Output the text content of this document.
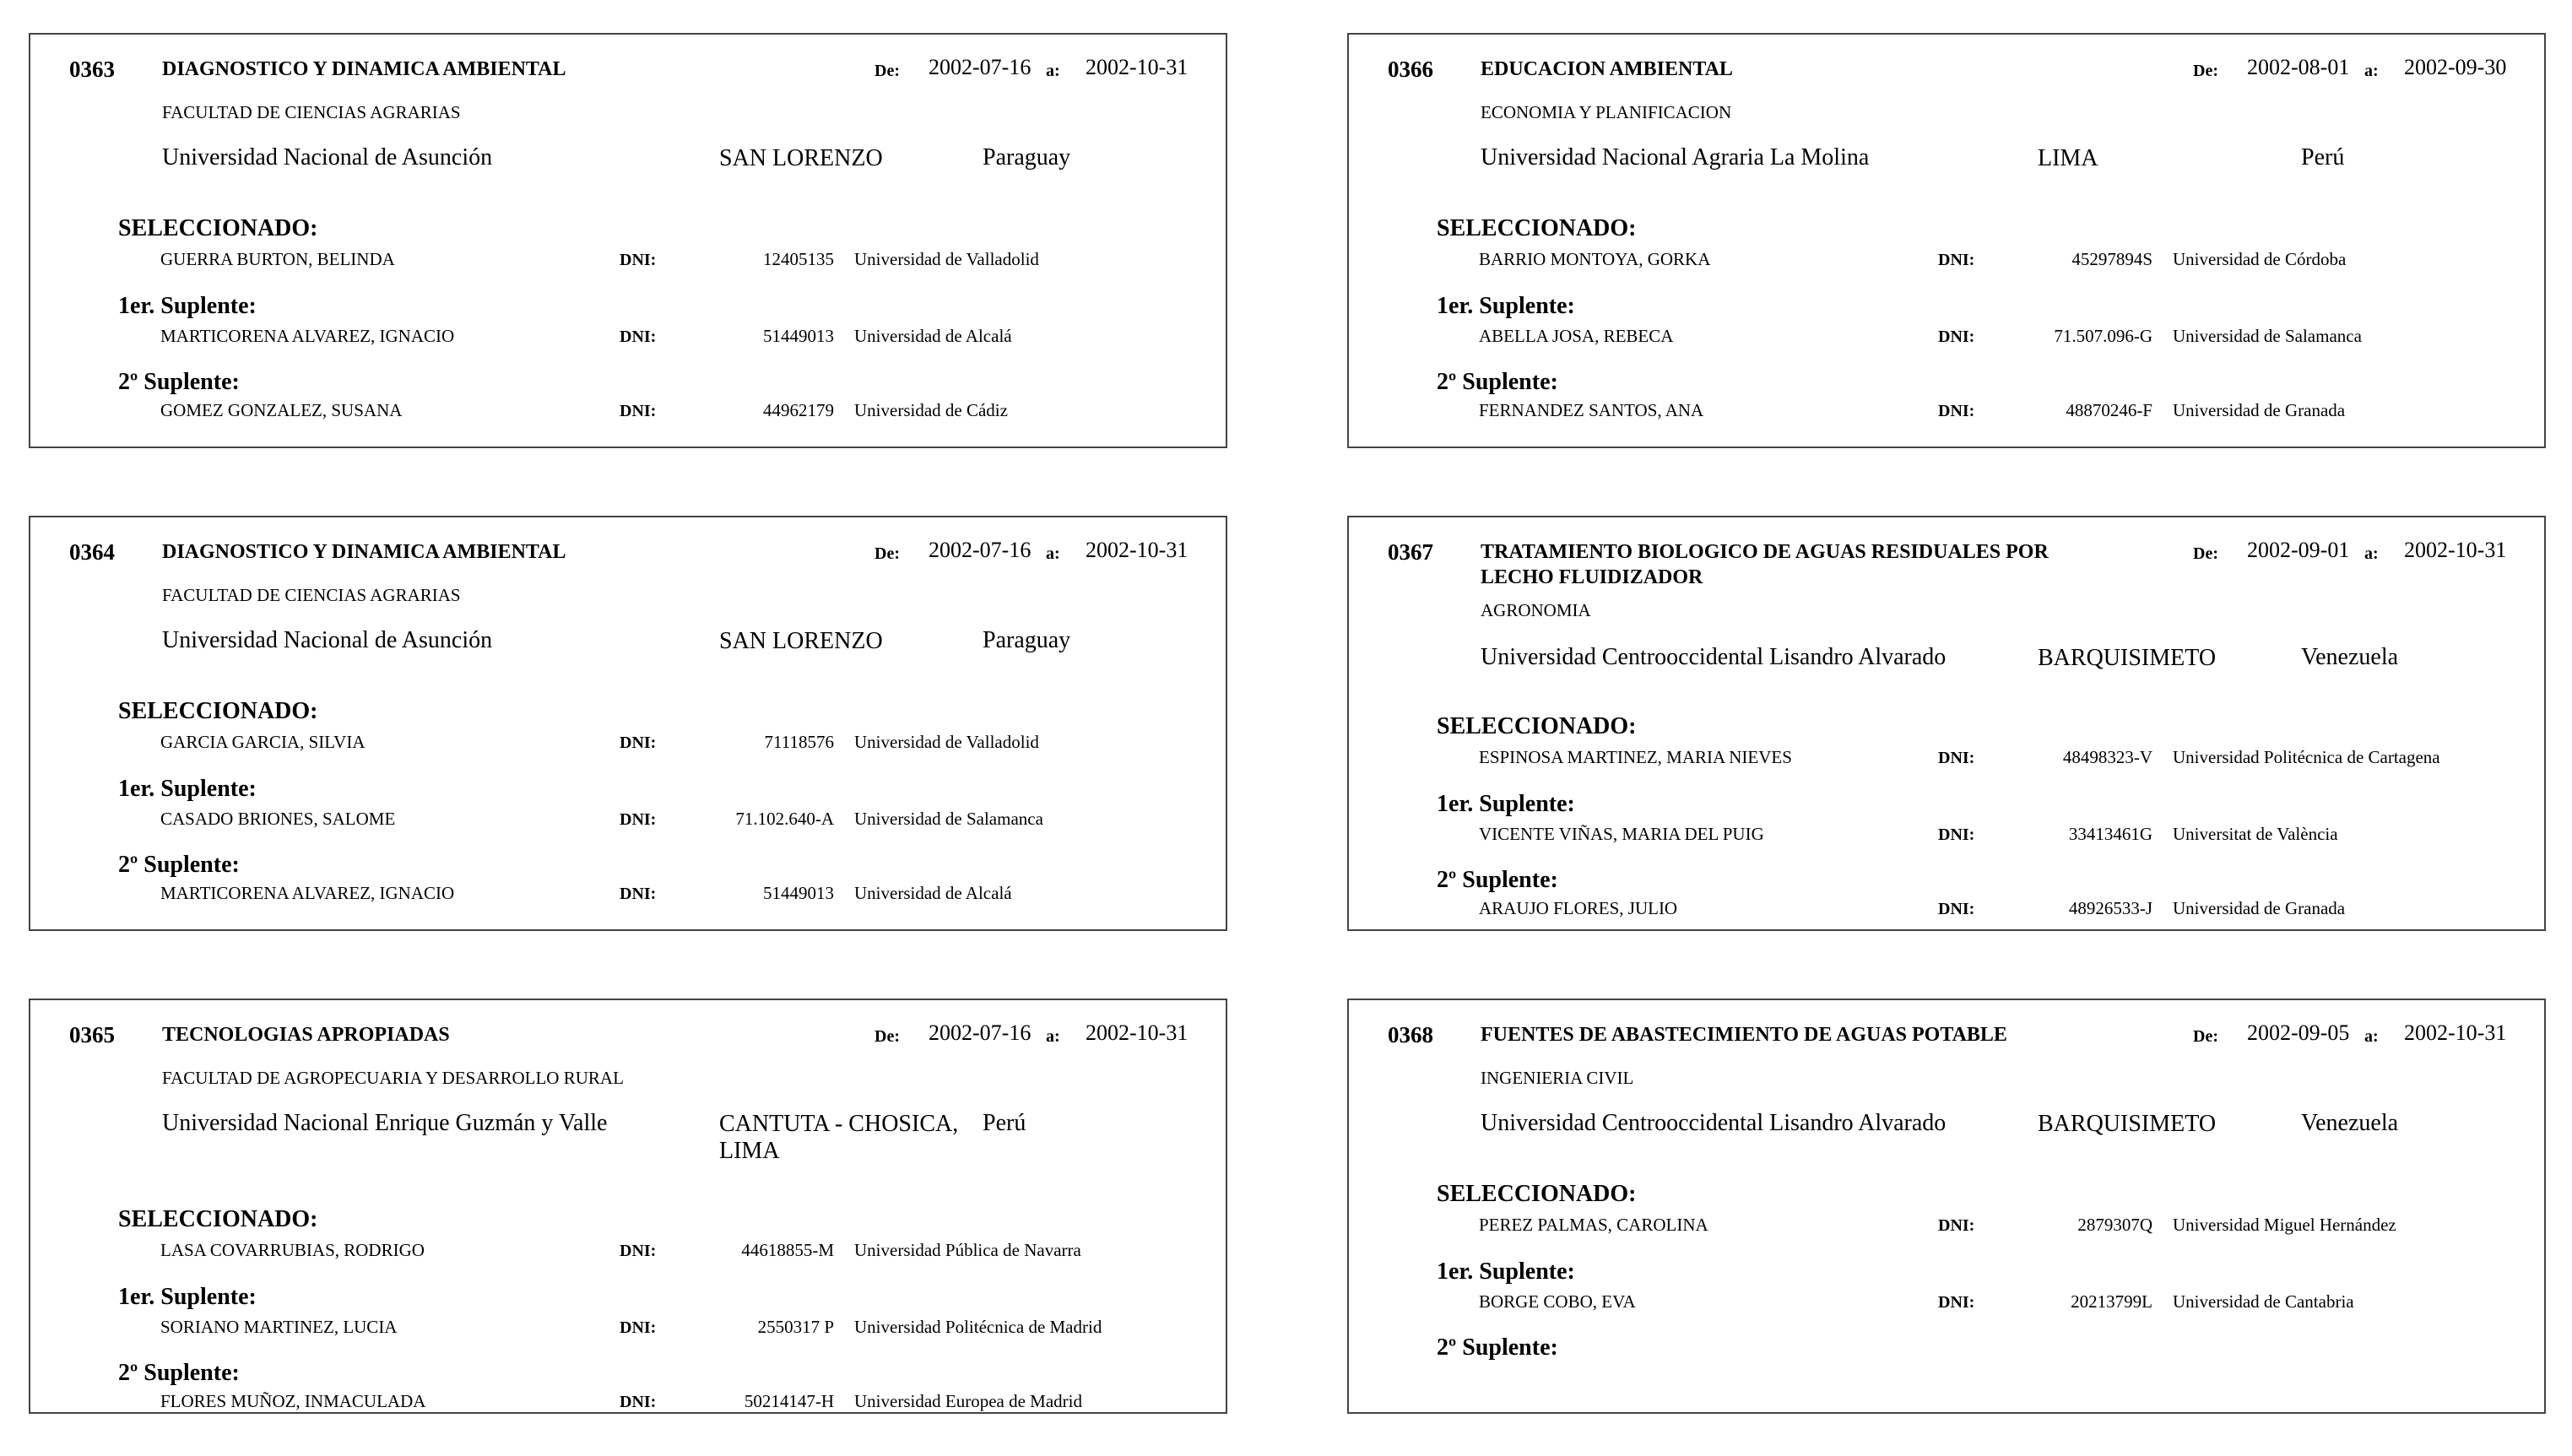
0363 DIAGNOSTICO Y DINAMICA AMBIENTAL	De: 2002-07-16 a: 2002-10-31
FACULTAD DE CIENCIAS AGRARIAS
Universidad Nacional de Asunción	SAN LORENZO	Paraguay
SELECCIONADO:
GUERRA BURTON, BELINDA	DNI:	12405135 Universidad de Valladolid
1er. Suplente:
MARTICORENA ALVAREZ, IGNACIO	DNI:	51449013 Universidad de Alcalá
2º Suplente:
GOMEZ GONZALEZ, SUSANA	DNI:	44962179 Universidad de Cádiz
0364 DIAGNOSTICO Y DINAMICA AMBIENTAL	De: 2002-07-16 a: 2002-10-31
FACULTAD DE CIENCIAS AGRARIAS
Universidad Nacional de Asunción	SAN LORENZO	Paraguay
SELECCIONADO:
GARCIA GARCIA, SILVIA	DNI:	71118576 Universidad de Valladolid
1er. Suplente:
CASADO BRIONES, SALOME	DNI:	71.102.640-A Universidad de Salamanca
2º Suplente:
MARTICORENA ALVAREZ, IGNACIO	DNI:	51449013 Universidad de Alcalá
0365 TECNOLOGIAS APROPIADAS	De: 2002-07-16 a: 2002-10-31
FACULTAD DE AGROPECUARIA Y DESARROLLO RURAL
Universidad Nacional Enrique Guzmán y Valle	CANTUTA - CHOSICA, LIMA
Perú
SELECCIONADO:
LASA COVARRUBIAS, RODRIGO	DNI:	44618855-M Universidad Pública de Navarra
1er. Suplente:
SORIANO MARTINEZ, LUCIA	DNI:	2550317 P Universidad Politécnica de Madrid
2º Suplente:
FLORES MUÑOZ, INMACULADA	DNI:	50214147-H Universidad Europea de Madrid
0366 EDUCACION AMBIENTAL	De: 2002-08-01 a: 2002-09-30
ECONOMIA Y PLANIFICACION
Universidad Nacional Agraria La Molina	LIMA	Perú
SELECCIONADO:
BARRIO MONTOYA, GORKA	DNI:	45297894S Universidad de Córdoba
1er. Suplente:
ABELLA JOSA, REBECA	DNI:	71.507.096-G Universidad de Salamanca
2º Suplente:
FERNANDEZ SANTOS, ANA	DNI:	48870246-F Universidad de Granada
0367 TRATAMIENTO BIOLOGICO DE AGUAS RESIDUALES POR LECHO FLUIDIZADOR
De: 2002-09-01 a: 2002-10-31
AGRONOMIA
Universidad Centrooccidental Lisandro Alvarado	BARQUISIMETO	Venezuela
SELECCIONADO:
ESPINOSA MARTINEZ, MARIA NIEVES	DNI:	48498323-V Universidad Politécnica de Cartagena
1er. Suplente:
VICENTE VIÑAS, MARIA DEL PUIG	DNI:	33413461G Universitat de València
2º Suplente:
ARAUJO FLORES, JULIO	DNI:	48926533-J Universidad de Granada
0368 FUENTES DE ABASTECIMIENTO DE AGUAS POTABLE	De: 2002-09-05 a: 2002-10-31
INGENIERIA CIVIL
Universidad Centrooccidental Lisandro Alvarado	BARQUISIMETO	Venezuela
SELECCIONADO:
PEREZ PALMAS, CAROLINA	DNI:	2879307Q Universidad Miguel Hernández
1er. Suplente:
BORGE COBO, EVA	DNI:	20213799L Universidad de Cantabria
2º Suplente:
